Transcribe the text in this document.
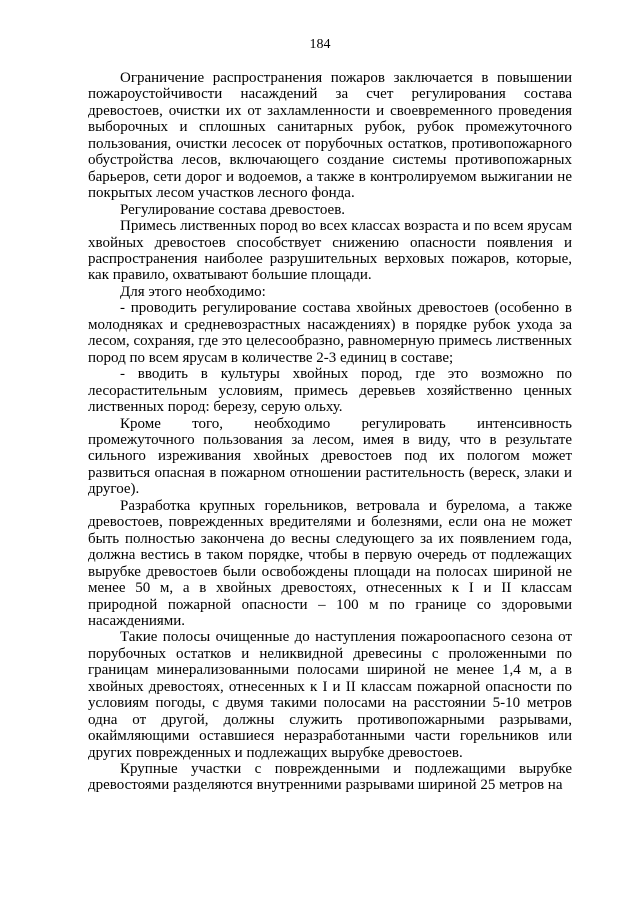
184

Ограничение распространения пожаров заключается в повышении пожароустойчивости насаждений за счет регулирования состава древостоев, очистки их от захламленности и своевременного проведения выборочных и сплошных санитарных рубок, рубок промежуточного пользования, очистки лесосек от порубочных остатков, противопожарного обустройства лесов, включающего создание системы противопожарных барьеров, сети дорог и водоемов, а также в контролируемом выжигании не покрытых лесом участков лесного фонда.

Регулирование состава древостоев.

Примесь лиственных пород во всех классах возраста и по всем ярусам хвойных древостоев способствует снижению опасности появления и распространения наиболее разрушительных верховых пожаров, которые, как правило, охватывают большие площади.

Для этого необходимо:

- проводить регулирование состава хвойных древостоев (особенно в молодняках и средневозрастных насаждениях) в порядке рубок ухода за лесом, сохраняя, где это целесообразно, равномерную примесь лиственных пород по всем ярусам в количестве 2-3 единиц в составе;

- вводить в культуры хвойных пород, где это возможно по лесорастительным условиям, примесь деревьев хозяйственно ценных лиственных пород: березу, серую ольху.

Кроме того, необходимо регулировать интенсивность промежуточного пользования за лесом, имея в виду, что в результате сильного изреживания хвойных древостоев под их пологом может развиться опасная в пожарном отношении растительность (вереск, злаки и другое).

Разработка крупных горельников, ветровала и бурелома, а также древостоев, поврежденных вредителями и болезнями, если она не может быть полностью закончена до весны следующего за их появлением года, должна вестись в таком порядке, чтобы в первую очередь от подлежащих вырубке древостоев были освобождены площади на полосах шириной не менее 50 м, а в хвойных древостоях, отнесенных к I и II классам природной пожарной опасности – 100 м по границе со здоровыми насаждениями.

Такие полосы очищенные до наступления пожароопасного сезона от порубочных остатков и неликвидной древесины с проложенными по границам минерализованными полосами шириной не менее 1,4 м, а в хвойных древостоях, отнесенных к I и II классам пожарной опасности по условиям погоды, с двумя такими полосами на расстоянии 5-10 метров одна от другой, должны служить противопожарными разрывами, окаймляющими оставшиеся неразработанными части горельников или других поврежденных и подлежащих вырубке древостоев.

Крупные участки с поврежденными и подлежащими вырубке древостоями разделяются внутренними разрывами шириной 25 метров на
